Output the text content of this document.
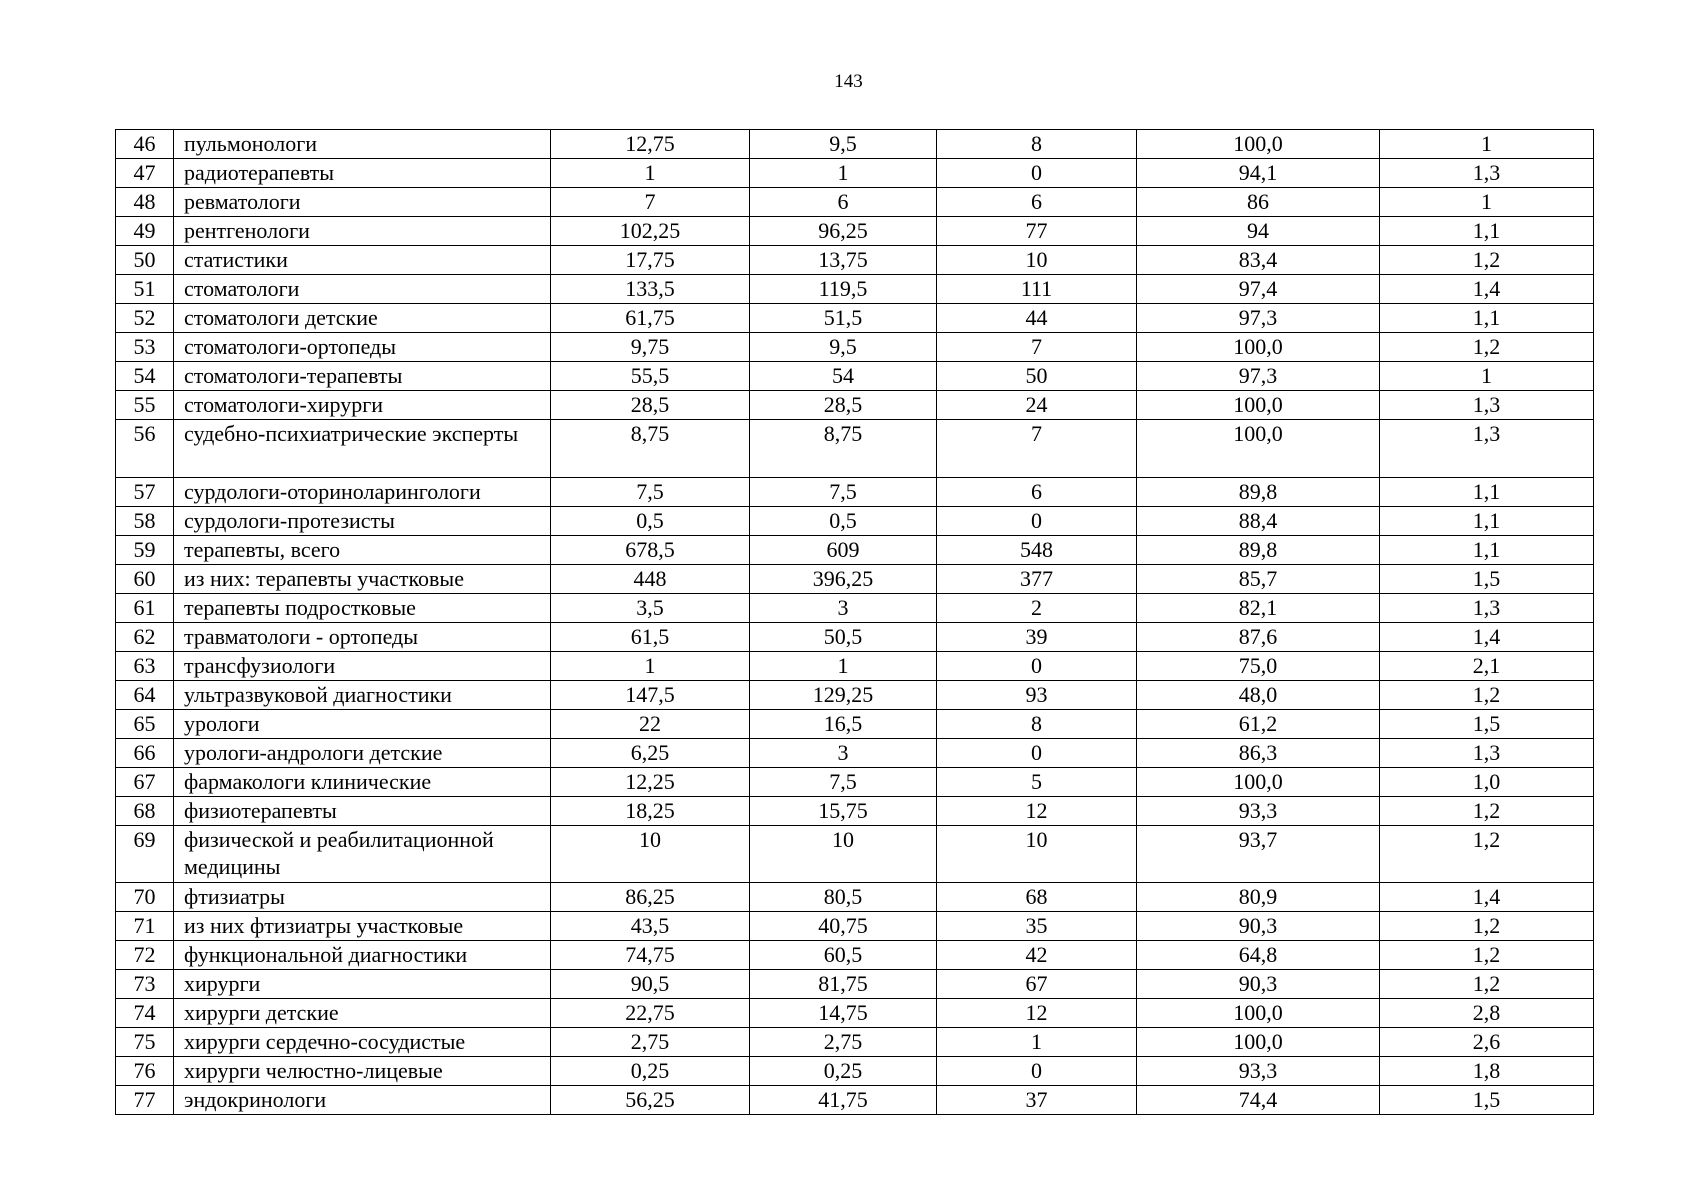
143
46	пульмонологи	12,75	9,5	8	100,0	1
47	радиотерапевты	1	1	0	94,1	1,3
48	ревматологи	7	6	6	86	1
49	рентгенологи	102,25	96,25	77	94	1,1
50	статистики	17,75	13,75	10	83,4	1,2
51	стоматологи	133,5	119,5	111	97,4	1,4
52	стоматологи детские	61,75	51,5	44	97,3	1,1
53	стоматологи-ортопеды	9,75	9,5	7	100,0	1,2
54	стоматологи-терапевты	55,5	54	50	97,3	1
55	стоматологи-хирурги	28,5	28,5	24	100,0	1,3
56	судебно-психиатрические эксперты	8,75	8,75	7	100,0	1,3
57	сурдологи-оториноларингологи	7,5	7,5	6	89,8	1,1
58	сурдологи-протезисты	0,5	0,5	0	88,4	1,1
59	терапевты, всего	678,5	609	548	89,8	1,1
60	из них: терапевты участковые	448	396,25	377	85,7	1,5
61	терапевты подростковые	3,5	3	2	82,1	1,3
62	травматологи - ортопеды	61,5	50,5	39	87,6	1,4
63	трансфузиологи	1	1	0	75,0	2,1
64	ультразвуковой диагностики	147,5	129,25	93	48,0	1,2
65	урологи	22	16,5	8	61,2	1,5
66	урологи-андрологи детские	6,25	3	0	86,3	1,3
67	фармакологи клинические	12,25	7,5	5	100,0	1,0
68	физиотерапевты	18,25	15,75	12	93,3	1,2
69	физической и реабилитационной медицины	10	10	10	93,7	1,2
70	фтизиатры	86,25	80,5	68	80,9	1,4
71	из них фтизиатры участковые	43,5	40,75	35	90,3	1,2
72	функциональной диагностики	74,75	60,5	42	64,8	1,2
73	хирурги	90,5	81,75	67	90,3	1,2
74	хирурги детские	22,75	14,75	12	100,0	2,8
75	хирурги сердечно-сосудистые	2,75	2,75	1	100,0	2,6
76	хирурги челюстно-лицевые	0,25	0,25	0	93,3	1,8
77	эндокринологи	56,25	41,75	37	74,4	1,5
